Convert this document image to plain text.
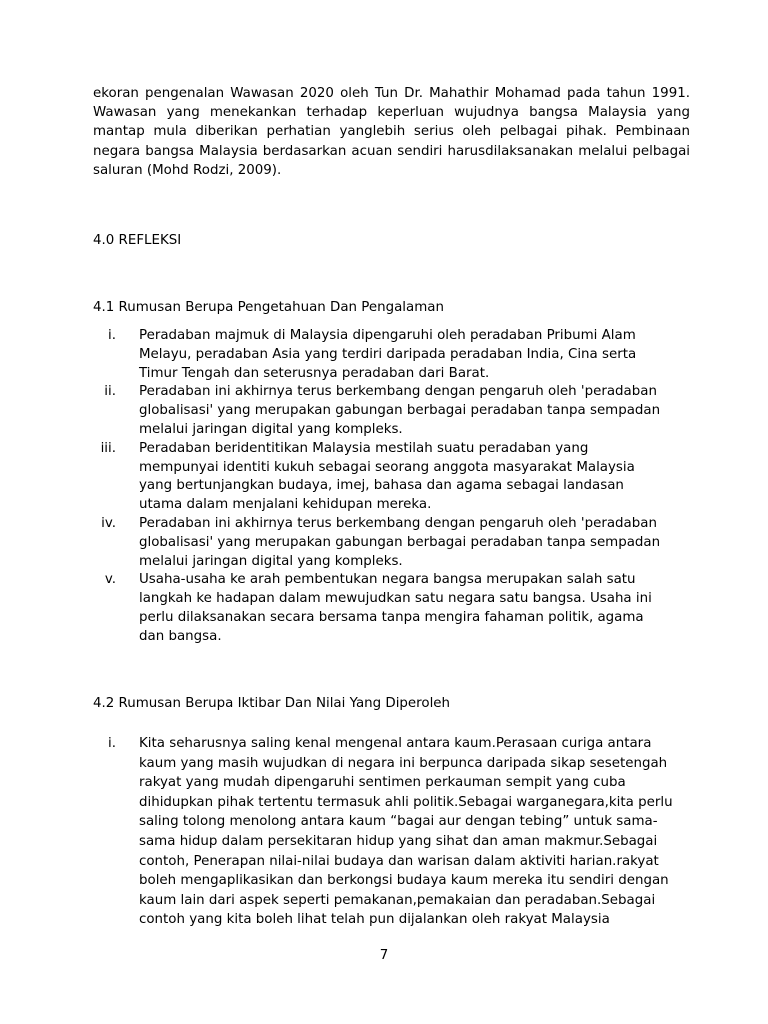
ekoran pengenalan Wawasan 2020 oleh Tun Dr. Mahathir Mohamad pada tahun 1991. Wawasan yang menekankan terhadap keperluan wujudnya bangsa Malaysia yang mantap mula diberikan perhatian yanglebih serius oleh pelbagai pihak. Pembinaan negara bangsa Malaysia berdasarkan acuan sendiri harusdilaksanakan melalui pelbagai saluran (Mohd Rodzi, 2009).

4.0 REFLEKSI
4.1 Rumusan Berupa Pengetahuan Dan Pengalaman
i. Peradaban majmuk di Malaysia dipengaruhi oleh peradaban Pribumi Alam Melayu, peradaban Asia yang terdiri daripada peradaban India, Cina serta Timur Tengah dan seterusnya peradaban dari Barat.
ii. Peradaban ini akhirnya terus berkembang dengan pengaruh oleh 'peradaban globalisasi' yang merupakan gabungan berbagai peradaban tanpa sempadan melalui jaringan digital yang kompleks.
iii. Peradaban beridentitikan Malaysia mestilah suatu peradaban yang mempunyai identiti kukuh sebagai seorang anggota masyarakat Malaysia yang bertunjangkan budaya, imej, bahasa dan agama sebagai landasan utama dalam menjalani kehidupan mereka.
iv. Peradaban ini akhirnya terus berkembang dengan pengaruh oleh 'peradaban globalisasi' yang merupakan gabungan berbagai peradaban tanpa sempadan melalui jaringan digital yang kompleks.
v. Usaha-usaha ke arah pembentukan negara bangsa merupakan salah satu langkah ke hadapan dalam mewujudkan satu negara satu bangsa. Usaha ini perlu dilaksanakan secara bersama tanpa mengira fahaman politik, agama dan bangsa.
4.2 Rumusan Berupa Iktibar Dan Nilai Yang Diperoleh
i. Kita seharusnya saling kenal mengenal antara kaum.Perasaan curiga antara kaum yang masih wujudkan di negara ini berpunca daripada sikap sesetengah rakyat yang mudah dipengaruhi sentimen perkauman sempit yang cuba dihidupkan pihak tertentu termasuk ahli politik.Sebagai warganegara,kita perlu saling tolong menolong antara kaum “bagai aur dengan tebing” untuk sama-sama hidup dalam persekitaran hidup yang sihat dan aman makmur.Sebagai contoh, Penerapan nilai-nilai budaya dan warisan dalam aktiviti harian.rakyat boleh mengaplikasikan dan berkongsi budaya kaum mereka itu sendiri dengan kaum lain dari aspek seperti pemakanan,pemakaian dan peradaban.Sebagai contoh yang kita boleh lihat telah pun dijalankan oleh rakyat Malaysia
7
